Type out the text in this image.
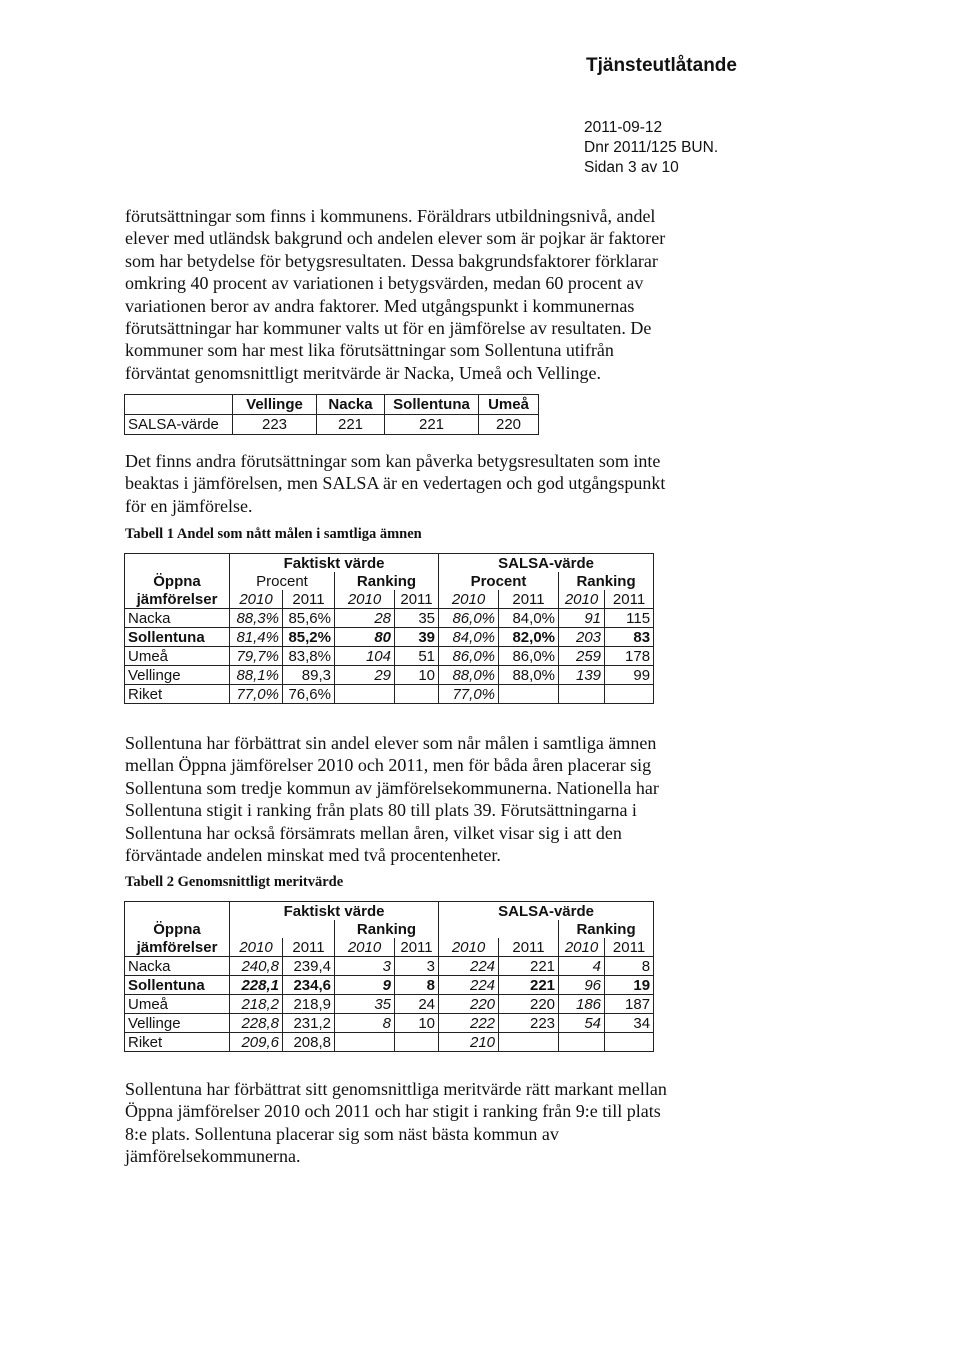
Tjänsteutlåtande
2011-09-12
Dnr 2011/125 BUN.
Sidan 3 av 10
förutsättningar som finns i kommunens. Föräldrars utbildningsnivå, andel
elever med utländsk bakgrund och andelen elever som är pojkar är faktorer
som har betydelse för betygsresultaten. Dessa bakgrundsfaktorer förklarar
omkring 40 procent av variationen i betygsvärden, medan 60 procent av
variationen beror av andra faktorer. Med utgångspunkt i kommunernas
förutsättningar har kommuner valts ut för en jämförelse av resultaten. De
kommuner som har mest lika förutsättningar som Sollentuna utifrån
förväntat genomsnittligt meritvärde är Nacka, Umeå och Vellinge.
	Vellinge	Nacka	Sollentuna	Umeå
SALSA-värde	223	221	221	220
Det finns andra förutsättningar som kan påverka betygsresultaten som inte
beaktas i jämförelsen, men SALSA är en vedertagen och god utgångspunkt
för en jämförelse.
Tabell 1 Andel som nått målen i samtliga ämnen
	Faktiskt värde				SALSA-värde			
Öppna	Procent		Ranking		Procent		Ranking	
jämförelser	2010	2011	2010	2011	2010	2011	2010	2011
Nacka	88,3%	85,6%	28	35	86,0%	84,0%	91	115
Sollentuna	81,4%	85,2%	80	39	84,0%	82,0%	203	83
Umeå	79,7%	83,8%	104	51	86,0%	86,0%	259	178
Vellinge	88,1%	89,3	29	10	88,0%	88,0%	139	99
Riket	77,0%	76,6%			77,0%			
Sollentuna har förbättrat sin andel elever som når målen i samtliga ämnen
mellan Öppna jämförelser 2010 och 2011, men för båda åren placerar sig
Sollentuna som tredje kommun av jämförelsekommunerna. Nationella har
Sollentuna stigit i ranking från plats 80 till plats 39. Förutsättningarna i
Sollentuna har också försämrats mellan åren, vilket visar sig i att den
förväntade andelen minskat med två procentenheter.
Tabell 2 Genomsnittligt meritvärde
	Faktiskt värde				SALSA-värde			
Öppna			Ranking				Ranking	
jämförelser	2010	2011	2010	2011	2010	2011	2010	2011
Nacka	240,8	239,4	3	3	224	221	4	8
Sollentuna	228,1	234,6	9	8	224	221	96	19
Umeå	218,2	218,9	35	24	220	220	186	187
Vellinge	228,8	231,2	8	10	222	223	54	34
Riket	209,6	208,8			210			
Sollentuna har förbättrat sitt genomsnittliga meritvärde rätt markant mellan
Öppna jämförelser 2010 och 2011 och har stigit i ranking från 9:e till plats
8:e plats. Sollentuna placerar sig som näst bästa kommun av
jämförelsekommunerna.
